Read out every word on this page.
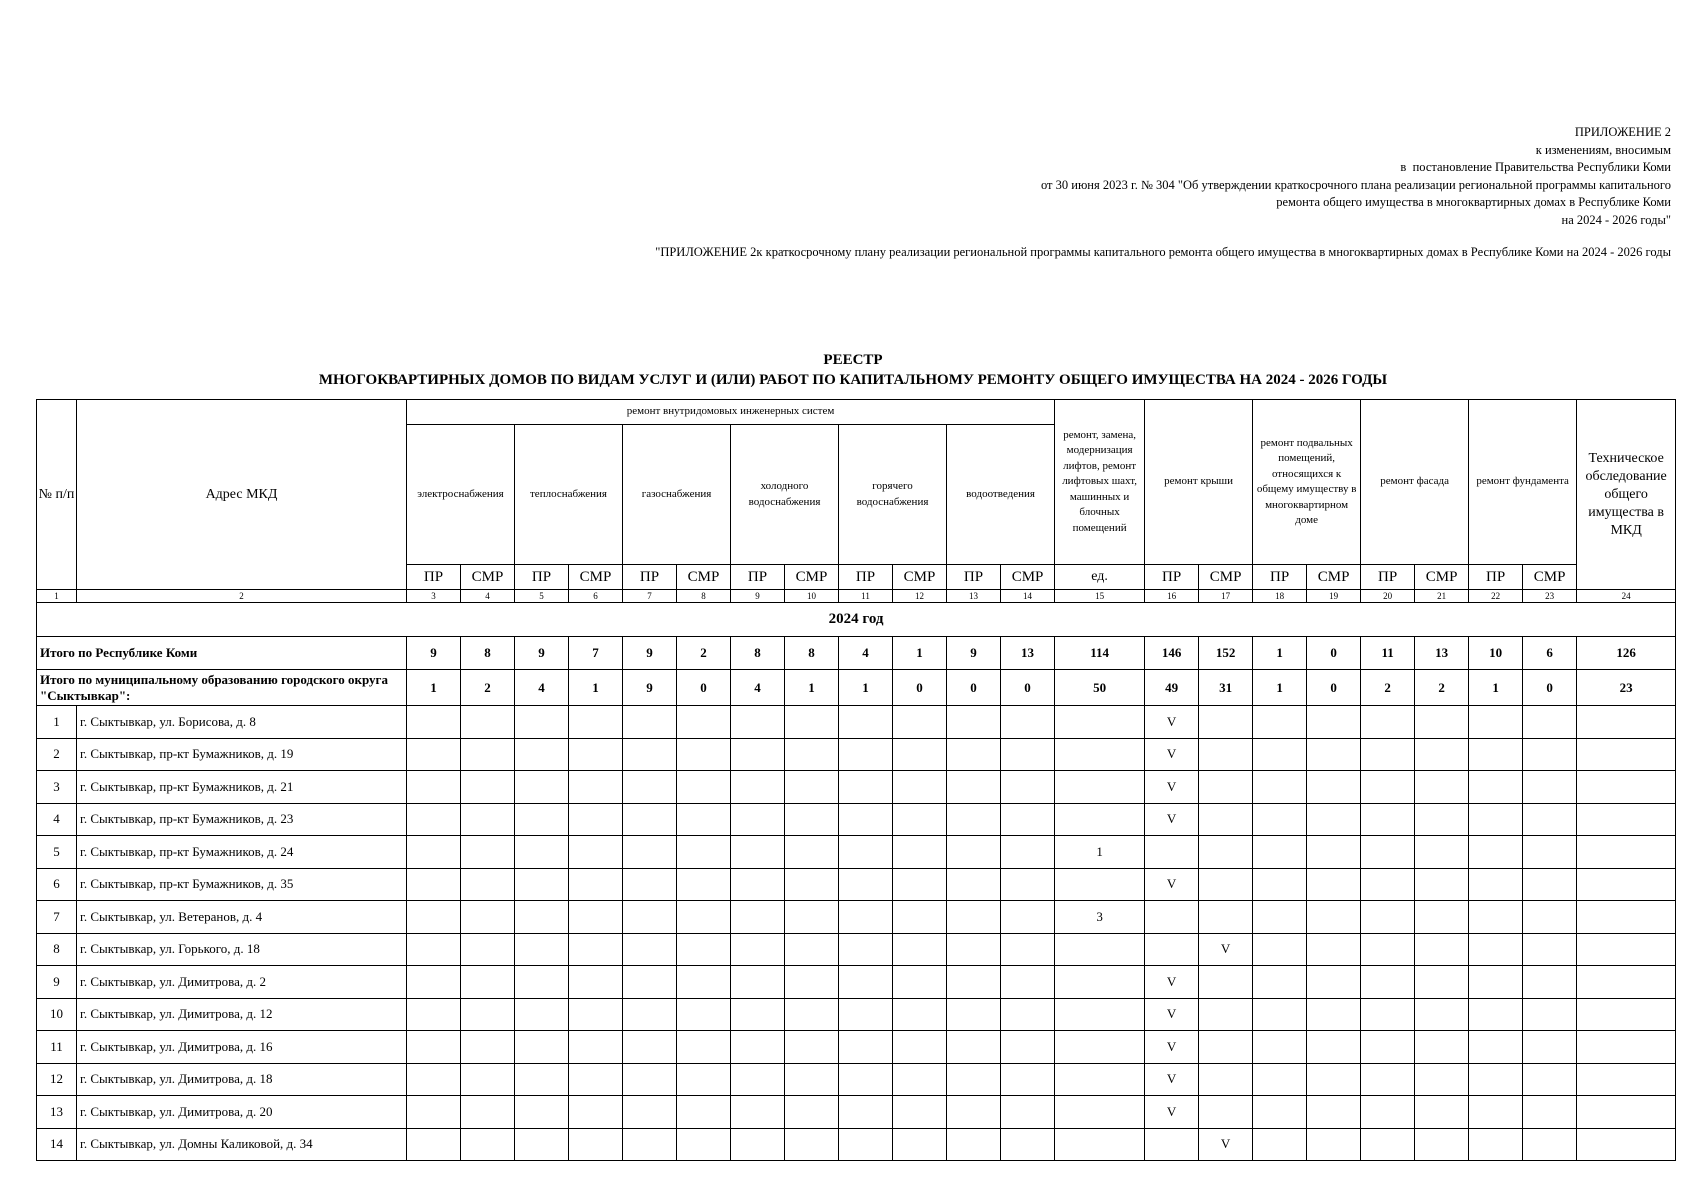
ПРИЛОЖЕНИЕ 2
к изменениям, вносимым
в  постановление Правительства Республики Коми
от 30 июня 2023 г. № 304 "Об утверждении краткосрочного плана реализации региональной программы капитального
ремонта общего имущества в многоквартирных домах в Республике Коми
на 2024 - 2026 годы"
"ПРИЛОЖЕНИЕ 2к краткосрочному плану реализации региональной программы капитального ремонта общего имущества в многоквартирных домах в Республике Коми на 2024 - 2026 годы
РЕЕСТР
МНОГОКВАРТИРНЫХ ДОМОВ ПО ВИДАМ УСЛУГ И (ИЛИ) РАБОТ ПО КАПИТАЛЬНОМУ РЕМОНТУ ОБЩЕГО ИМУЩЕСТВА НА 2024 - 2026 ГОДЫ
№ п/п	Адрес МКД	ремонт внутридомовых инженерных систем												ремонт, замена, модернизация лифтов, ремонт лифтовых шахт, машинных и блочных помещений	ремонт крыши		ремонт подвальных помещений, относящихся к общему имуществу в многоквартирном доме		ремонт фасада		ремонт фундамента		Техническое обследование общего имущества в МКД
		электроснабжения		теплоснабжения		газоснабжения		холодного водоснабжения		горячего водоснабжения		водоотведения											
		ПР	СМР	ПР	СМР	ПР	СМР	ПР	СМР	ПР	СМР	ПР	СМР	ед.	ПР	СМР	ПР	СМР	ПР	СМР	ПР	СМР	
1	2	3	4	5	6	7	8	9	10	11	12	13	14	15	16	17	18	19	20	21	22	23	24
2024 год																							
Итого по Республике Коми		9	8	9	7	9	2	8	8	4	1	9	13	114	146	152	1	0	11	13	10	6	126
Итого по муниципальному образованию городского округа "Сыктывкар":		1	2	4	1	9	0	4	1	1	0	0	0	50	49	31	1	0	2	2	1	0	23
1	г. Сыктывкар, ул. Борисова, д. 8														V								
2	г. Сыктывкар, пр-кт Бумажников, д. 19														V								
3	г. Сыктывкар, пр-кт Бумажников, д. 21														V								
4	г. Сыктывкар, пр-кт Бумажников, д. 23														V								
5	г. Сыктывкар, пр-кт Бумажников, д. 24													1									
6	г. Сыктывкар, пр-кт Бумажников, д. 35														V								
7	г. Сыктывкар, ул. Ветеранов, д. 4													3									
8	г. Сыктывкар, ул. Горького, д. 18															V							
9	г. Сыктывкар, ул. Димитрова, д. 2														V								
10	г. Сыктывкар, ул. Димитрова, д. 12														V								
11	г. Сыктывкар, ул. Димитрова, д. 16														V								
12	г. Сыктывкар, ул. Димитрова, д. 18														V								
13	г. Сыктывкар, ул. Димитрова, д. 20														V								
14	г. Сыктывкар, ул. Домны Каликовой, д. 34															V							
